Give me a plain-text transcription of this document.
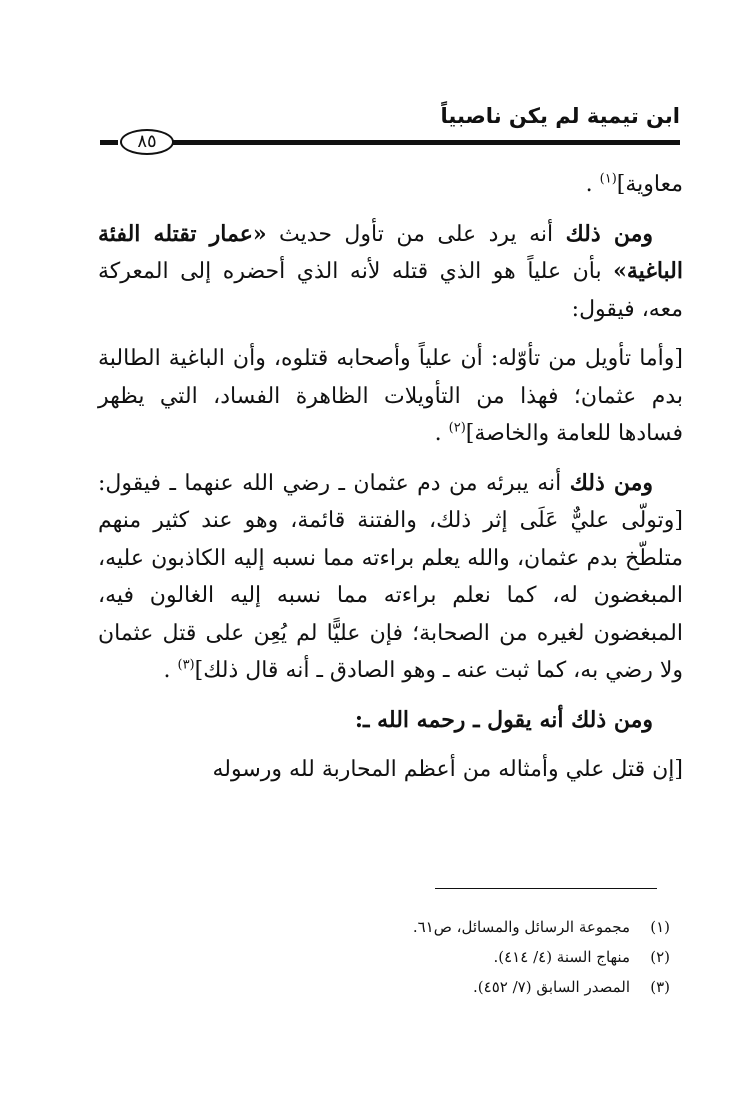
ابن تيمية لم يكن ناصبياً
٨٥

معاوية]$^{(١)}$ .

ومن ذلك أنه يرد على من تأول حديث «عمار تقتله الفئة الباغية» بأن علياً هو الذي قتله لأنه الذي أحضره إلى المعركة معه، فيقول:

[وأما تأويل من تأوّله: أن علياً وأصحابه قتلوه، وأن الباغية الطالبة بدم عثمان؛ فهذا من التأويلات الظاهرة الفساد، التي يظهر فسادها للعامة والخاصة]$^{(٢)}$ .

ومن ذلك أنه يبرئه من دم عثمان ـ رضي الله عنهما ـ فيقول: [وتولّى عليٌّ عَلَى إثر ذلك، والفتنة قائمة، وهو عند كثير منهم متلطّخ بدم عثمان، والله يعلم براءته مما نسبه إليه الكاذبون عليه، المبغضون له، كما نعلم براءته مما نسبه إليه الغالون فيه، المبغضون لغيره من الصحابة؛ فإن عليًّا لم يُعِن على قتل عثمان ولا رضي به، كما ثبت عنه ـ وهو الصادق ـ أنه قال ذلك]$^{(٣)}$ .

ومن ذلك أنه يقول ـ رحمه الله ـ:

[إن قتل علي وأمثاله من أعظم المحاربة لله ورسوله

(١)مجموعة الرسائل والمسائل، ص٦١.
(٢)منهاج السنة (٤/ ٤١٤).
(٣)المصدر السابق (٧/ ٤٥٢).
